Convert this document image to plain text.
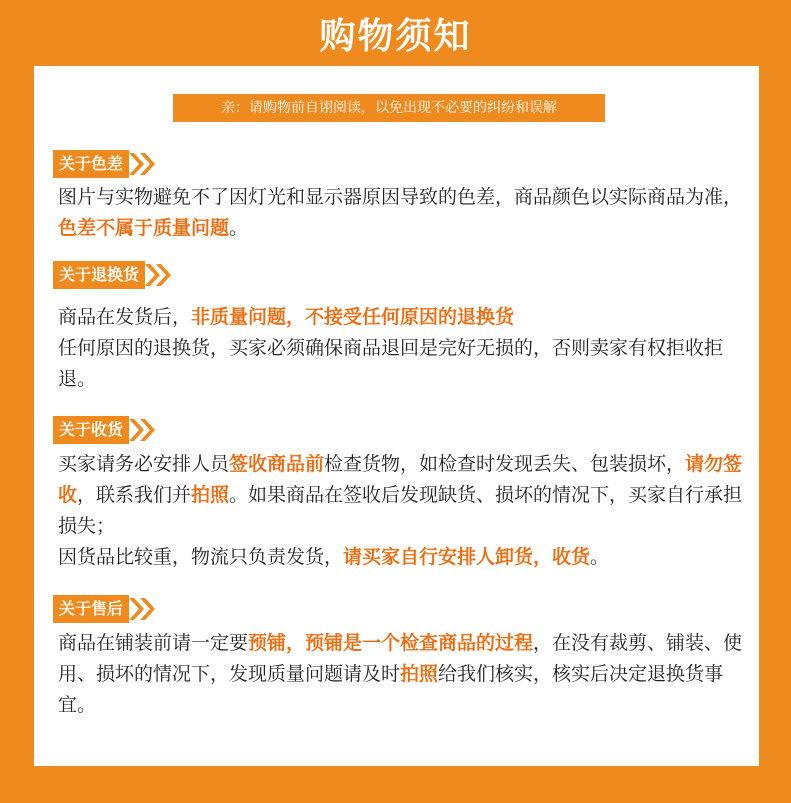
购物须知
亲：请购物前自诩阅读，以免出现不必要的纠纷和误解
关于色差

图片与实物避免不了因灯光和显示器原因导致的色差，商品颜色以实际商品为准，色差不属于质量问题。

关于退换货

商品在发货后，非质量问题，不接受任何原因的退换货

任何原因的退换货，买家必须确保商品退回是完好无损的，否则卖家有权拒收拒退。

关于收货

买家请务必安排人员签收商品前检查货物，如检查时发现丢失、包装损坏，请勿签收，联系我们并拍照。如果商品在签收后发现缺货、损坏的情况下，买家自行承担损失；

因货品比较重，物流只负责发货，请买家自行安排人卸货，收货。

关于售后

商品在铺装前请一定要预铺，预铺是一个检查商品的过程，在没有裁剪、铺装、使用、损坏的情况下，发现质量问题请及时拍照给我们核实，核实后决定退换货事宜。
